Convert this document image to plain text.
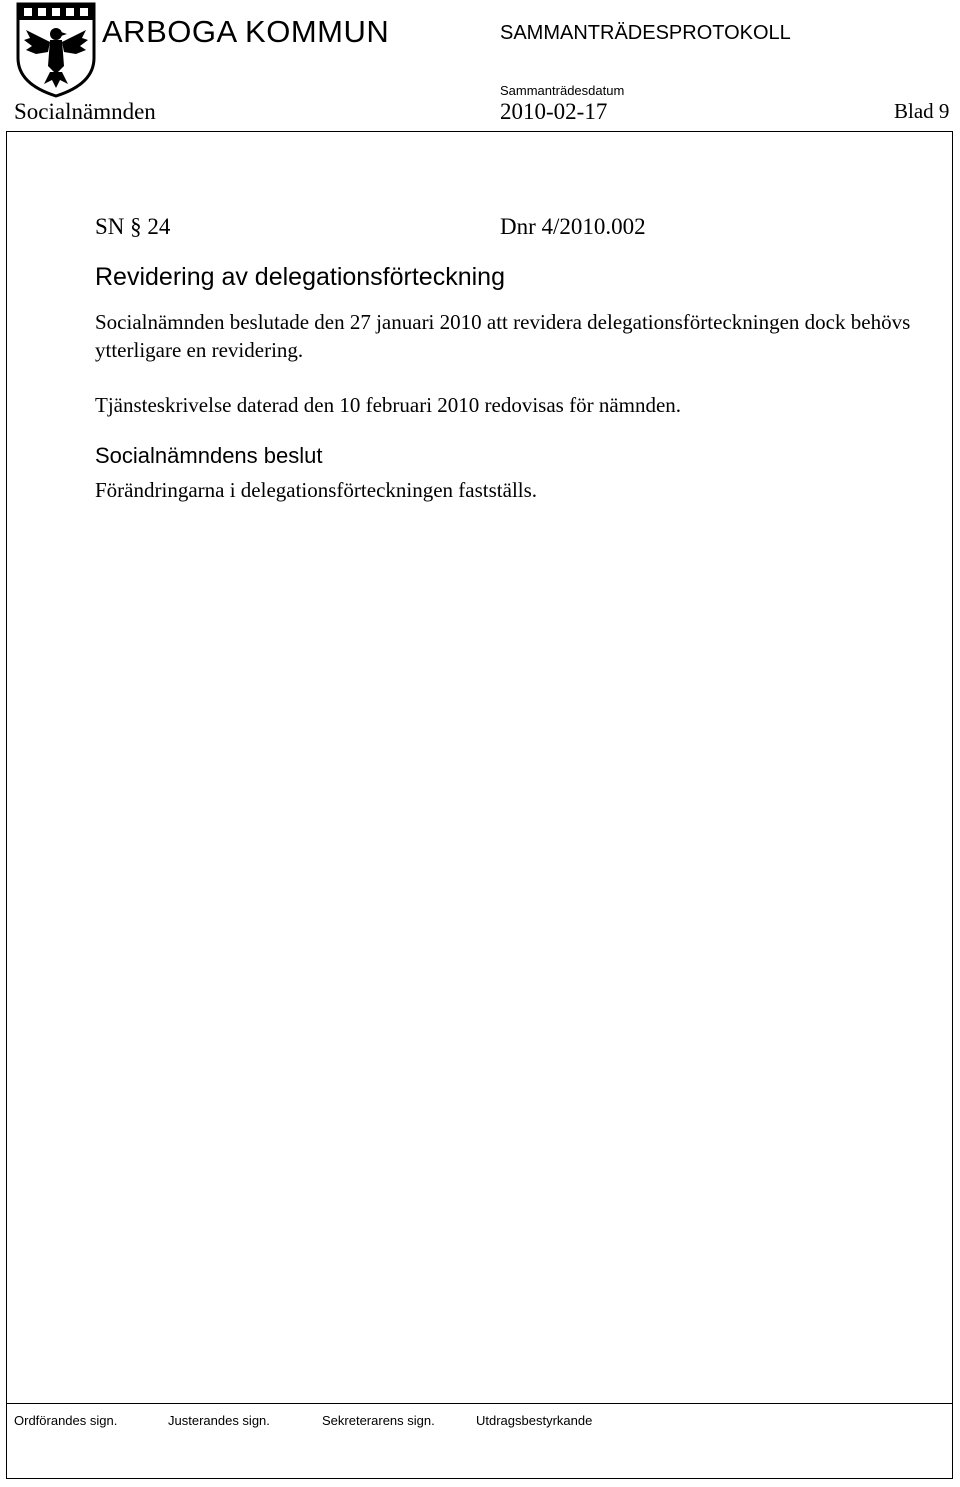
ARBOGA KOMMUN	SAMMANTRÄDESPROTOKOLL
Sammanträdesdatum
Socialnämnden	2010-02-17	Blad 9
SN § 24	Dnr 4/2010.002
Revidering av delegationsförteckning
Socialnämnden beslutade den 27 januari 2010 att revidera delegationsförteckningen dock behövs ytterligare en revidering.
Tjänsteskrivelse daterad den 10 februari 2010 redovisas för nämnden.
Socialnämndens beslut
Förändringarna i delegationsförteckningen fastställs.
Ordförandes sign.	Justerandes sign.	Sekreterarens sign.	Utdragsbestyrkande
